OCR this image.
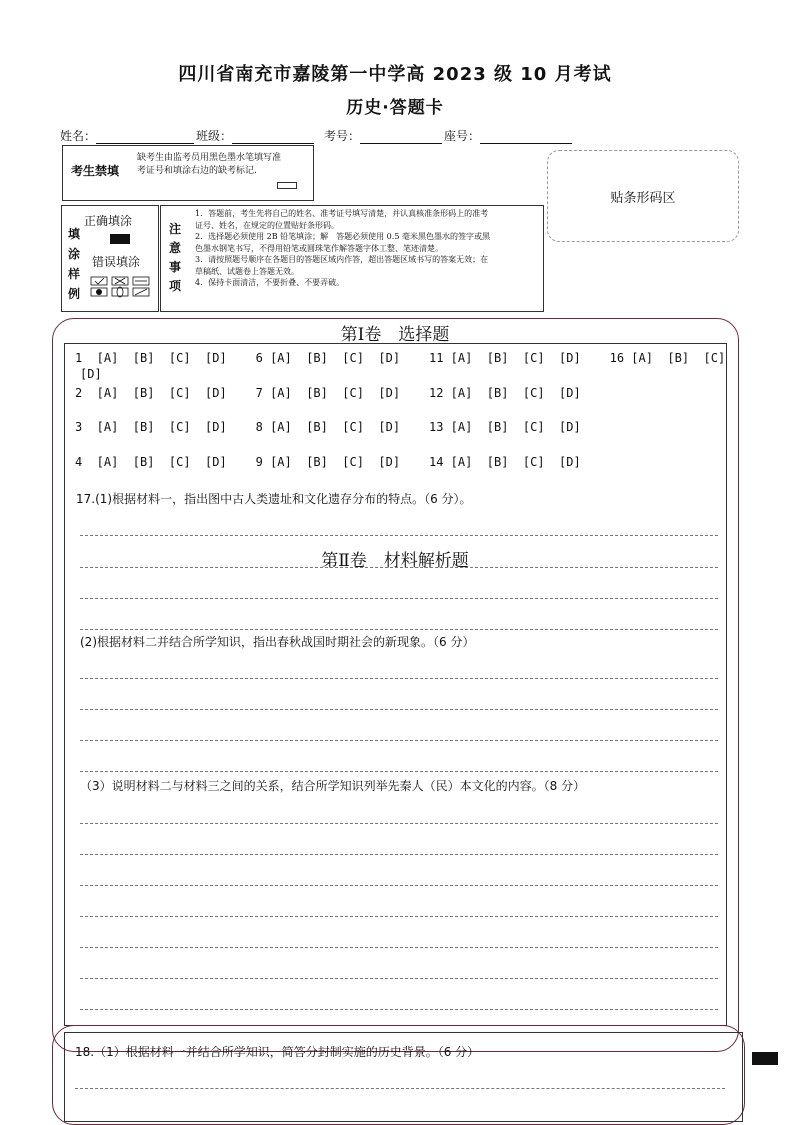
四川省南充市嘉陵第一中学高 2023 级 10 月考试
历史·答题卡
姓名：	班级：	考号：	座号：
考生禁填
缺考生由监考员用黑色墨水笔填写准考证号和填涂右边的缺考标记.
贴条形码区
填涂样例
正确填涂
错误填涂
注意事项
1．答题前，考生先将自己的姓名、准考证号填写清楚，并认真核准条形码上的准考证号、姓名，在规定的位置贴好条形码。
2．选择题必须使用 2B 铅笔填涂；解　答题必须使用 0.5 毫米黑色墨水的签字或黑色墨水钢笔书写，不得用铅笔或圆珠笔作解答题字体工整、笔迹清楚。
3．请按照题号顺序在各题目的答题区域内作答，超出答题区域书写的答案无效；在草稿纸、试题卷上答题无效。
4．保持卡面清洁，不要折叠、不要弄破。
第Ⅰ卷　选择题
1  [A]  [B]  [C]  [D]    6 [A]  [B]  [C]  [D]    11 [A]  [B]  [C]  [D]    16 [A]  [B]  [C]
[D]
2  [A]  [B]  [C]  [D]    7 [A]  [B]  [C]  [D]    12 [A]  [B]  [C]  [D]
3  [A]  [B]  [C]  [D]    8 [A]  [B]  [C]  [D]    13 [A]  [B]  [C]  [D]
4  [A]  [B]  [C]  [D]    9 [A]  [B]  [C]  [D]    14 [A]  [B]  [C]  [D]
17.(1)根据材料一，指出图中古人类遗址和文化遗存分布的特点。（6 分）。
第Ⅱ卷　材料解析题
(2)根据材料二并结合所学知识，指出春秋战国时期社会的新现象。（6 分）
（3）说明材料二与材料三之间的关系，结合所学知识列举先秦人（民）本文化的内容。（8 分）
18.（1）根据材料一并结合所学知识，简答分封制实施的历史背景。（6 分）
